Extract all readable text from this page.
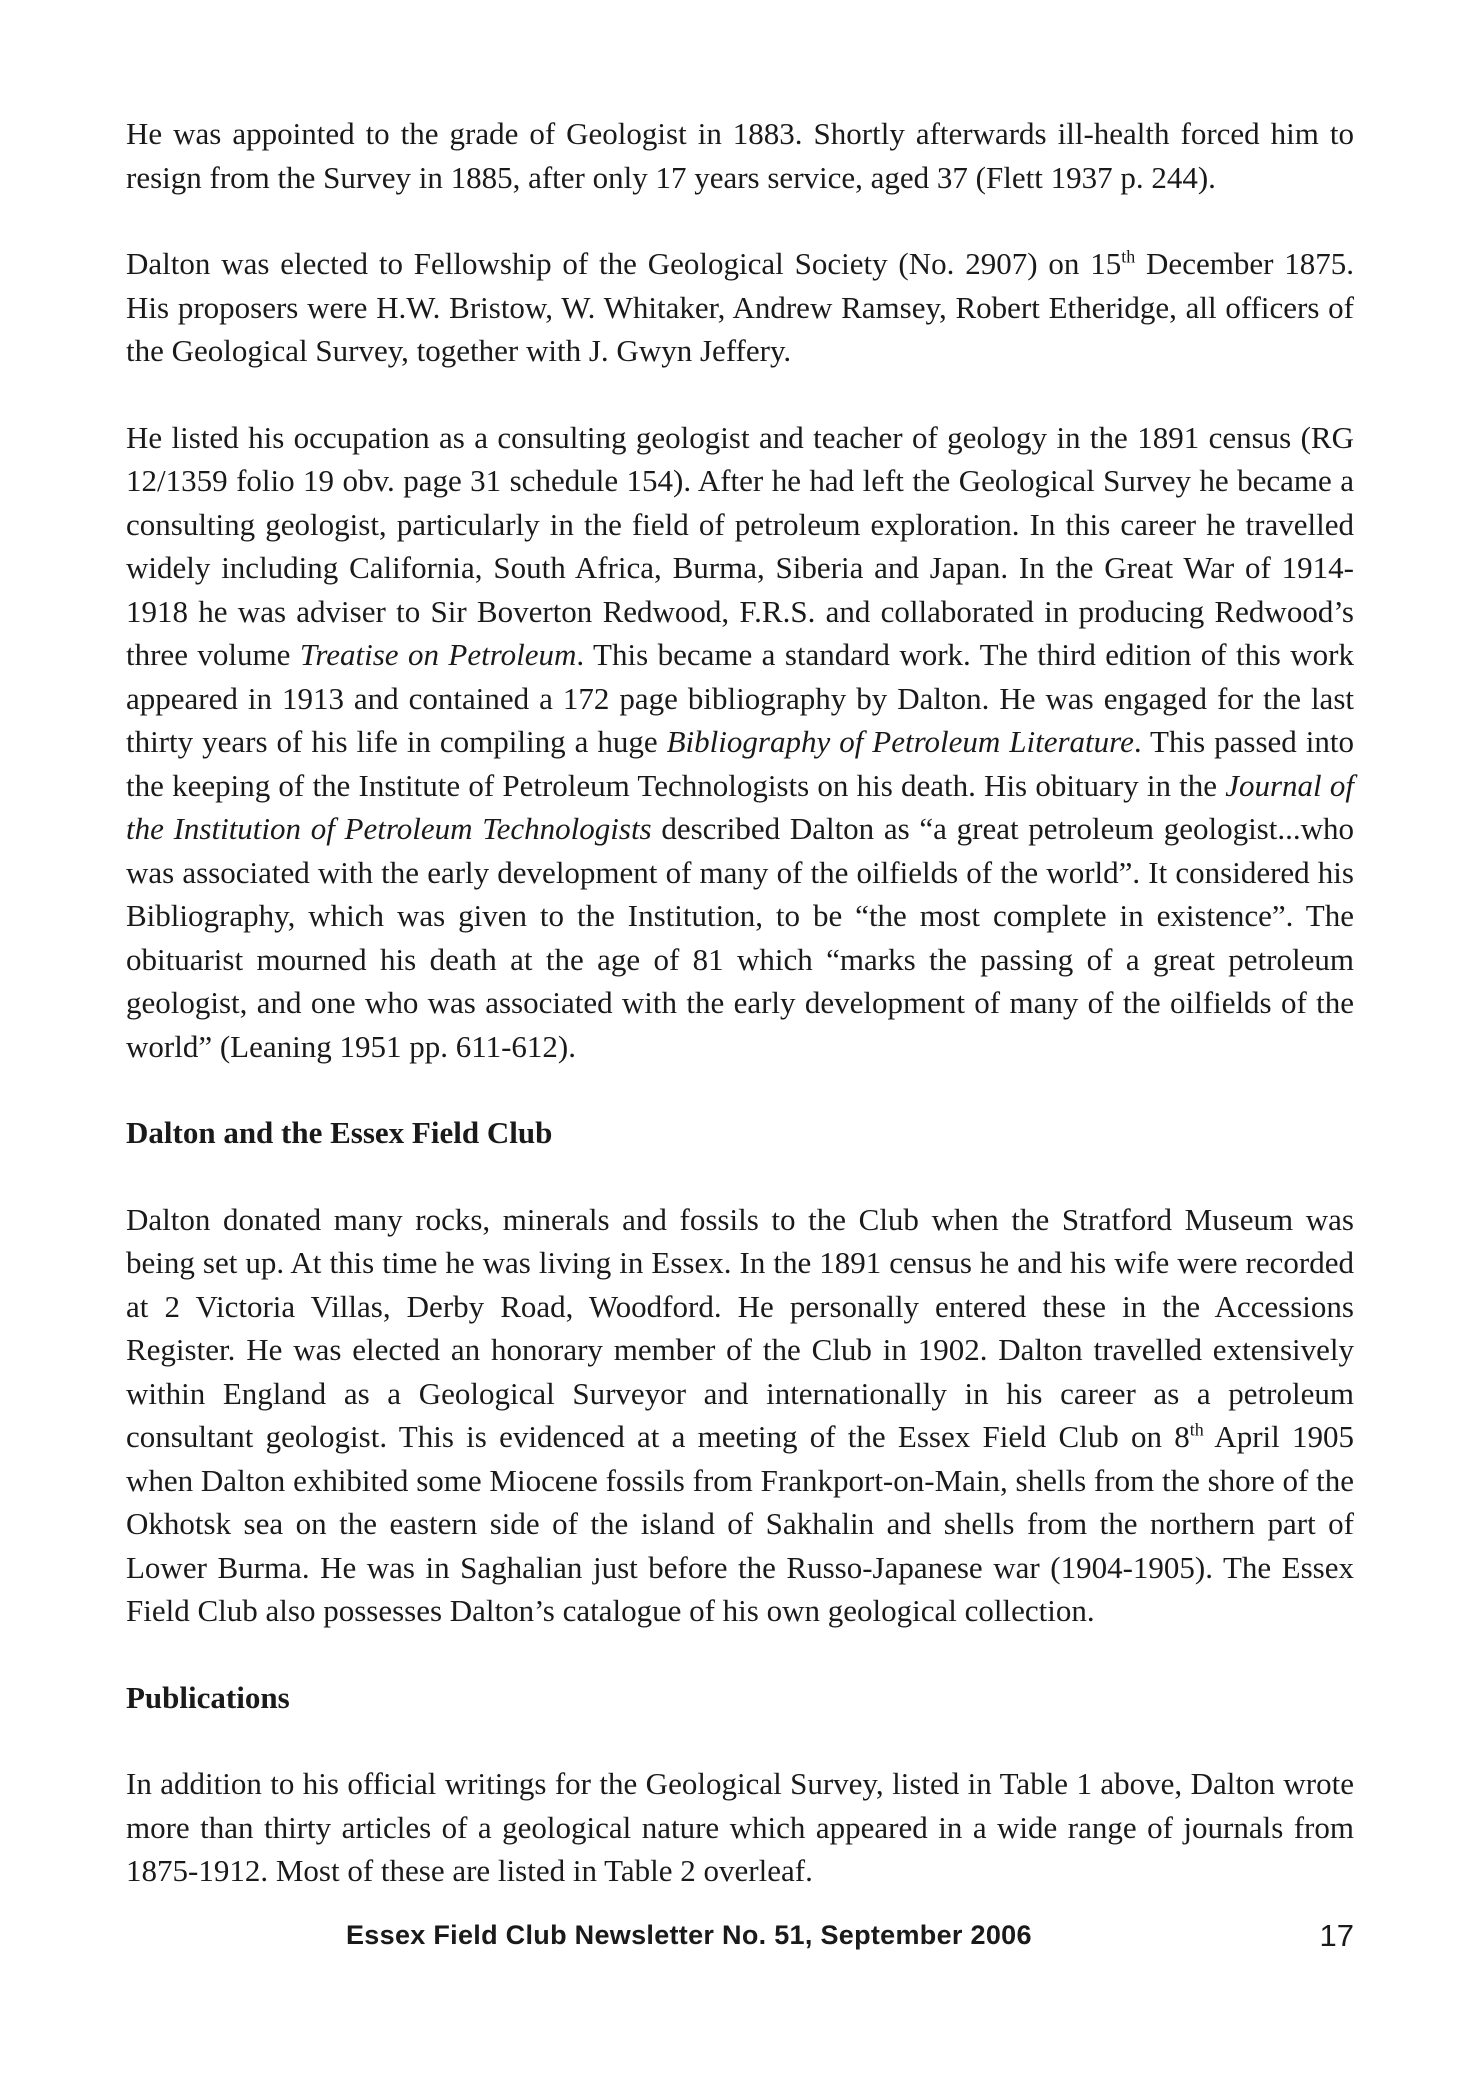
He was appointed to the grade of Geologist in 1883. Shortly afterwards ill-health forced him to resign from the Survey in 1885, after only 17 years service, aged 37 (Flett 1937 p. 244).

Dalton was elected to Fellowship of the Geological Society (No. 2907) on 15th December 1875. His proposers were H.W. Bristow, W. Whitaker, Andrew Ramsey, Robert Etheridge, all officers of the Geological Survey, together with J. Gwyn Jeffery.

He listed his occupation as a consulting geologist and teacher of geology in the 1891 census (RG 12/1359 folio 19 obv. page 31 schedule 154). After he had left the Geological Survey he became a consulting geologist, particularly in the field of petroleum exploration. In this career he travelled widely including California, South Africa, Burma, Siberia and Japan. In the Great War of 1914-1918 he was adviser to Sir Boverton Redwood, F.R.S. and collaborated in producing Redwood’s three volume Treatise on Petroleum. This became a standard work. The third edition of this work appeared in 1913 and contained a 172 page bibliography by Dalton. He was engaged for the last thirty years of his life in compiling a huge Bibliography of Petroleum Literature. This passed into the keeping of the Institute of Petroleum Technologists on his death. His obituary in the Journal of the Institution of Petroleum Technologists described Dalton as “a great petroleum geologist...who was associated with the early development of many of the oilfields of the world”. It considered his Bibliography, which was given to the Institution, to be “the most complete in existence”. The obituarist mourned his death at the age of 81 which “marks the passing of a great petroleum geologist, and one who was associated with the early development of many of the oilfields of the world” (Leaning 1951 pp. 611-612).

Dalton and the Essex Field Club

Dalton donated many rocks, minerals and fossils to the Club when the Stratford Museum was being set up. At this time he was living in Essex. In the 1891 census he and his wife were recorded at 2 Victoria Villas, Derby Road, Woodford. He personally entered these in the Accessions Register. He was elected an honorary member of the Club in 1902. Dalton travelled extensively within England as a Geological Surveyor and internationally in his career as a petroleum consultant geologist. This is evidenced at a meeting of the Essex Field Club on 8th April 1905 when Dalton exhibited some Miocene fossils from Frankport-on-Main, shells from the shore of the Okhotsk sea on the eastern side of the island of Sakhalin and shells from the northern part of Lower Burma. He was in Saghalian just before the Russo-Japanese war (1904-1905). The Essex Field Club also possesses Dalton’s catalogue of his own geological collection.

Publications

In addition to his official writings for the Geological Survey, listed in Table 1 above, Dalton wrote more than thirty articles of a geological nature which appeared in a wide range of journals from 1875-1912. Most of these are listed in Table 2 overleaf.

Essex Field Club Newsletter No. 51, September 2006	17
